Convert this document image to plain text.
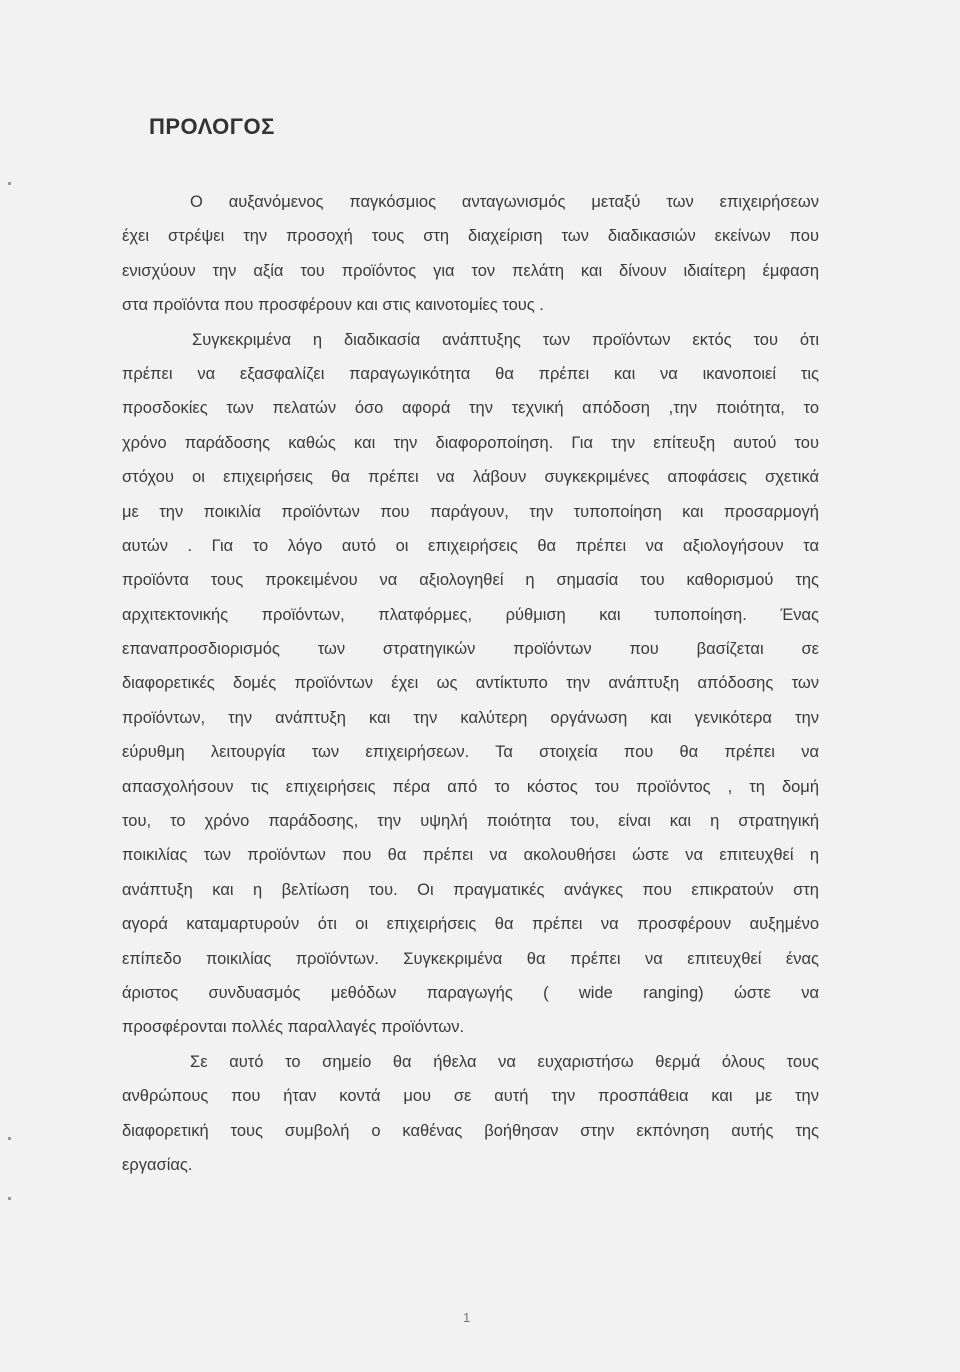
ΠΡΟΛΟΓΟΣ
Ο αυξανόμενος παγκόσμιος ανταγωνισμός μεταξύ των επιχειρήσεων
έχει στρέψει την προσοχή τους στη διαχείριση των διαδικασιών εκείνων που
ενισχύουν την αξία του προϊόντος για τον πελάτη και δίνουν ιδιαίτερη έμφαση
στα προϊόντα που προσφέρουν και στις καινοτομίες τους .
Συγκεκριμένα η διαδικασία ανάπτυξης των προϊόντων εκτός του ότι
πρέπει να εξασφαλίζει παραγωγικότητα θα πρέπει και να ικανοποιεί τις
προσδοκίες των πελατών όσο αφορά την τεχνική απόδοση ,την ποιότητα, το
χρόνο παράδοσης καθώς και την διαφοροποίηση. Για την επίτευξη αυτού του
στόχου οι επιχειρήσεις θα πρέπει να λάβουν συγκεκριμένες αποφάσεις σχετικά
με την ποικιλία προϊόντων που παράγουν, την τυποποίηση και προσαρμογή
αυτών . Για το λόγο αυτό οι επιχειρήσεις θα πρέπει να αξιολογήσουν τα
προϊόντα τους προκειμένου να αξιολογηθεί η σημασία του καθορισμού της
αρχιτεκτονικής προϊόντων, πλατφόρμες, ρύθμιση και τυποποίηση. Ένας
επαναπροσδιορισμός των στρατηγικών προϊόντων που βασίζεται σε
διαφορετικές δομές προϊόντων έχει ως αντίκτυπο την ανάπτυξη απόδοσης των
προϊόντων, την ανάπτυξη και την καλύτερη οργάνωση και γενικότερα την
εύρυθμη λειτουργία των επιχειρήσεων. Τα στοιχεία που θα πρέπει να
απασχολήσουν τις επιχειρήσεις πέρα από το κόστος του προϊόντος , τη δομή
του, το χρόνο παράδοσης, την υψηλή ποιότητα του, είναι και η στρατηγική
ποικιλίας των προϊόντων που θα πρέπει να ακολουθήσει ώστε να επιτευχθεί η
ανάπτυξη και η βελτίωση του. Οι πραγματικές ανάγκες που επικρατούν στη
αγορά καταμαρτυρούν ότι οι επιχειρήσεις θα πρέπει να προσφέρουν αυξημένο
επίπεδο ποικιλίας προϊόντων. Συγκεκριμένα θα πρέπει να επιτευχθεί ένας
άριστος συνδυασμός μεθόδων παραγωγής ( wide ranging) ώστε να
προσφέρονται πολλές παραλλαγές προϊόντων.
Σε αυτό το σημείο θα ήθελα να ευχαριστήσω θερμά όλους τους
ανθρώπους που ήταν κοντά μου σε αυτή την προσπάθεια και με την
διαφορετική τους συμβολή ο καθένας βοήθησαν στην εκπόνηση αυτής της
εργασίας.

1
